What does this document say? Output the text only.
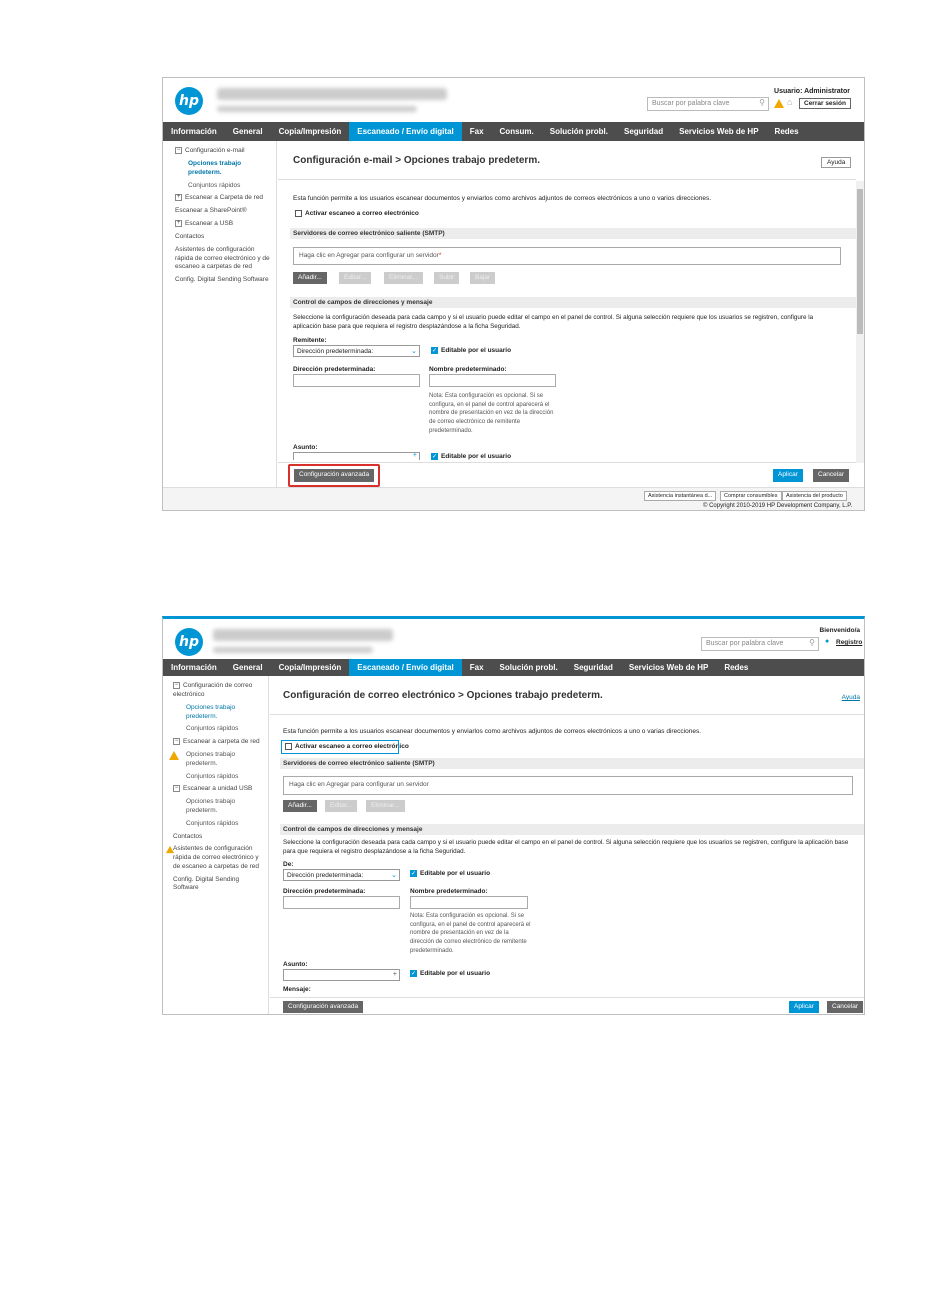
hp
Usuario: Administrator
Buscar por palabra clave	⚲ ⌂	Cerrar sesión
Información	General	Copia/Impresión	Escaneado / Envío digital	Fax	Consum.	Solución probl.	Seguridad	Servicios Web de HP	Redes
− Configuración e-mail
Opciones trabajo predeterm.
Conjuntos rápidos
+ Escanear a Carpeta de red
Escanear a SharePoint®
+ Escanear a USB
Contactos
Asistentes de configuración rápida de correo electrónico y de escaneo a carpetas de red
Config. Digital Sending Software
Configuración e-mail > Opciones trabajo predeterm.	Ayuda
Esta función permite a los usuarios escanear documentos y enviarlos como archivos adjuntos de correos electrónicos a uno o varios direcciones.
Activar escaneo a correo electrónico
Servidores de correo electrónico saliente (SMTP)
Haga clic en Agregar para configurar un servidor*
Añadir...	Editar...	Eliminar...	Subir	Bajar
Control de campos de direcciones y mensaje
Seleccione la configuración deseada para cada campo y si el usuario puede editar el campo en el panel de control. Si alguna selección requiere que los usuarios se registren, configure la aplicación base para que requiera el registro desplazándose a la ficha Seguridad.
Remitente:
Dirección predeterminada:	⌄	✓ Editable por el usuario
Dirección predeterminada:	Nombre predeterminado:
Nota: Esta configuración es opcional. Si se configura, en el panel de control aparecerá el nombre de presentación en vez de la dirección de correo electrónico de remitente predeterminado.
Asunto:
+	✓ Editable por el usuario
Configuración avanzada	Aplicar	Cancelar
Asistencia instantánea d...	Comprar consumibles	Asistencia del producto
© Copyright 2010-2019 HP Development Company, L.P.
hp
Bienvenido/a
Buscar por palabra clave	⚲ ● Registro
Información	General	Copia/Impresión	Escaneado / Envío digital	Fax	Solución probl.	Seguridad	Servicios Web de HP	Redes
− Configuración de correo electrónico
Opciones trabajo predeterm.
Conjuntos rápidos
− Escanear a carpeta de red
Opciones trabajo predeterm.
Conjuntos rápidos
− Escanear a unidad USB
Opciones trabajo predeterm.
Conjuntos rápidos
Contactos
Asistentes de configuración rápida de correo electrónico y de escaneo a carpetas de red
Config. Digital Sending Software
Configuración de correo electrónico > Opciones trabajo predeterm.	Ayuda
Esta función permite a los usuarios escanear documentos y enviarlos como archivos adjuntos de correos electrónicos a uno o varias direcciones.
Activar escaneo a correo electrónico
Servidores de correo electrónico saliente (SMTP)
Haga clic en Agregar para configurar un servidor
Añadir...	Editar...	Eliminar...
Control de campos de direcciones y mensaje
Seleccione la configuración deseada para cada campo y si el usuario puede editar el campo en el panel de control. Si alguna selección requiere que los usuarios se registren, configure la aplicación base para que requiera el registro desplazándose a la ficha Seguridad.
De:
Dirección predeterminada:	⌄ ✓ Editable por el usuario
Dirección predeterminada:	Nombre predeterminado:
Nota: Esta configuración es opcional. Si se configura, en el panel de control aparecerá el nombre de presentación en vez de la dirección de correo electrónico de remitente predeterminado.
Asunto:
+ ✓ Editable por el usuario
Mensaje:
Configuración avanzada	Aplicar	Cancelar
